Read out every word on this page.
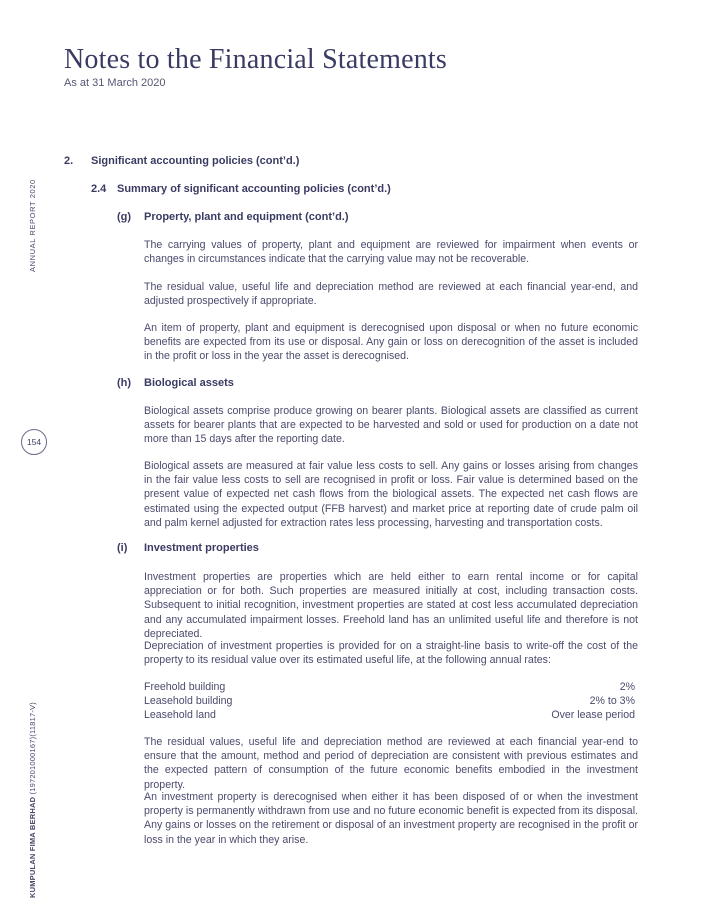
Notes to the Financial Statements
As at 31 March 2020
ANNUAL REPORT 2020
154
KUMPULAN FIMA BERHAD (197201000167)(11817-V)
2. Significant accounting policies (cont’d.)
2.4 Summary of significant accounting policies (cont’d.)
(g) Property, plant and equipment (cont’d.)
The carrying values of property, plant and equipment are reviewed for impairment when events or changes in circumstances indicate that the carrying value may not be recoverable.
The residual value, useful life and depreciation method are reviewed at each financial year-end, and adjusted prospectively if appropriate.
An item of property, plant and equipment is derecognised upon disposal or when no future economic benefits are expected from its use or disposal. Any gain or loss on derecognition of the asset is included in the profit or loss in the year the asset is derecognised.
(h) Biological assets
Biological assets comprise produce growing on bearer plants. Biological assets are classified as current assets for bearer plants that are expected to be harvested and sold or used for production on a date not more than 15 days after the reporting date.
Biological assets are measured at fair value less costs to sell. Any gains or losses arising from changes in the fair value less costs to sell are recognised in profit or loss. Fair value is determined based on the present value of expected net cash flows from the biological assets. The expected net cash flows are estimated using the expected output (FFB harvest) and market price at reporting date of crude palm oil and palm kernel adjusted for extraction rates less processing, harvesting and transportation costs.
(i) Investment properties
Investment properties are properties which are held either to earn rental income or for capital appreciation or for both. Such properties are measured initially at cost, including transaction costs. Subsequent to initial recognition, investment properties are stated at cost less accumulated depreciation and any accumulated impairment losses. Freehold land has an unlimited useful life and therefore is not depreciated.
Depreciation of investment properties is provided for on a straight-line basis to write-off the cost of the property to its residual value over its estimated useful life, at the following annual rates:
Freehold building	2%
Leasehold building	2% to 3%
Leasehold land	Over lease period
The residual values, useful life and depreciation method are reviewed at each financial year-end to ensure that the amount, method and period of depreciation are consistent with previous estimates and the expected pattern of consumption of the future economic benefits embodied in the investment property.
An investment property is derecognised when either it has been disposed of or when the investment property is permanently withdrawn from use and no future economic benefit is expected from its disposal. Any gains or losses on the retirement or disposal of an investment property are recognised in the profit or loss in the year in which they arise.
